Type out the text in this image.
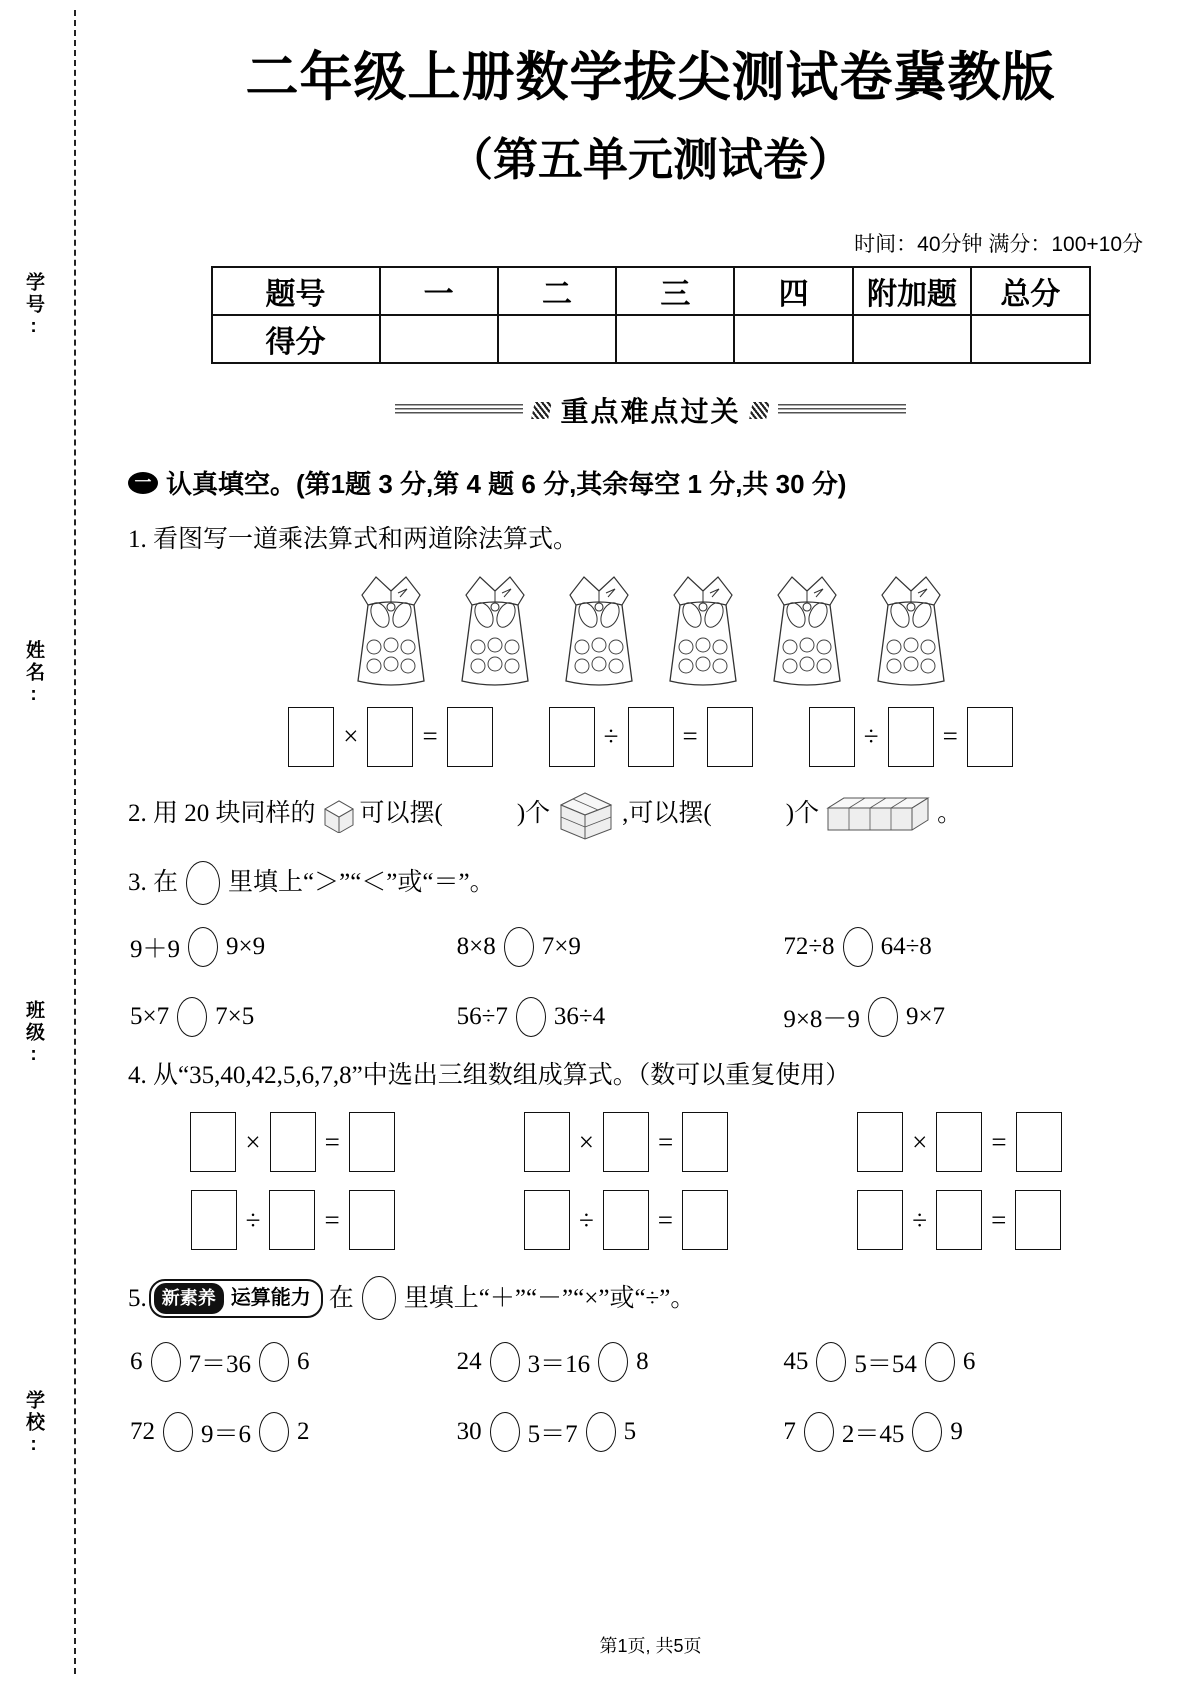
学号:
姓名:
班级:
学校:
二年级上册数学拔尖测试卷冀教版
（第五单元测试卷）
时间：40分钟 满分：100+10分
题号	一	二	三	四	附加题	总分
得分						
重点难点过关
一 认真填空。(第1题 3 分,第 4 题 6 分,其余每空 1 分,共 30 分)
1. 看图写一道乘法算式和两道除法算式。
× =	÷ =	÷ =
2. 用 20 块同样的 可以摆(	)个	,可以摆(	)个	。
3. 在 里填上“＞”“＜”或“＝”。
9＋9 9×9	8×8 7×9	72÷8 64÷8
5×7 7×5	56÷7 36÷4	9×8－9 9×7
4. 从“35,40,42,5,6,7,8”中选出三组数组成算式。（数可以重复使用）
× =	× =	× =
÷ =	÷ =	÷ =
5. 新素养 运算能力 在 里填上“＋”“－”“×”或“÷”。
6 7＝36 6	24 3＝16 8	45 5＝54 6
72 9＝6 2	30 5＝7 5	7 2＝45 9
第1页, 共5页
